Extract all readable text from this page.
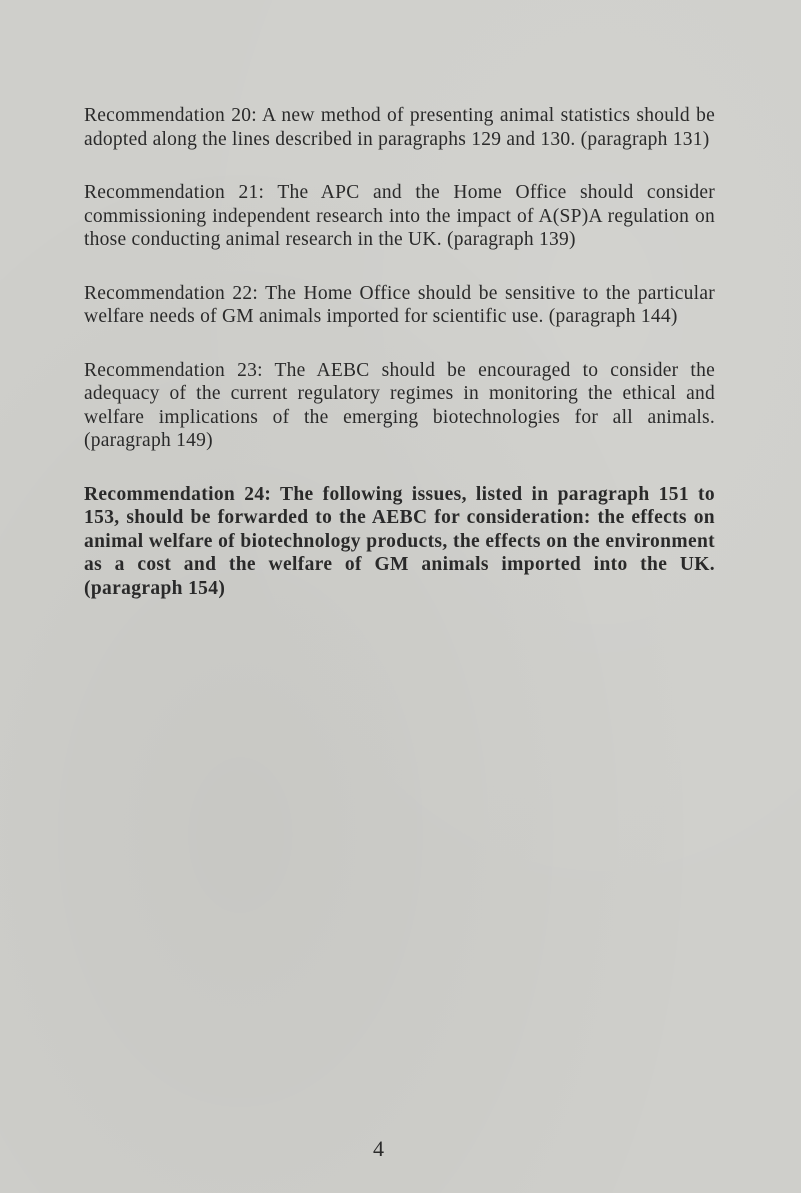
Recommendation 20: A new method of presenting animal statistics should be adopted along the lines described in paragraphs 129 and 130. (paragraph 131)

Recommendation 21: The APC and the Home Office should consider commissioning independent research into the impact of A(SP)A regulation on those conducting animal research in the UK. (paragraph 139)

Recommendation 22: The Home Office should be sensitive to the particular welfare needs of GM animals imported for scientific use. (paragraph 144)

Recommendation 23: The AEBC should be encouraged to consider the adequacy of the current regulatory regimes in monitoring the ethical and welfare implications of the emerging biotechnologies for all animals. (paragraph 149)

Recommendation 24: The following issues, listed in paragraph 151 to 153, should be forwarded to the AEBC for consideration: the effects on animal welfare of biotechnology products, the effects on the environment as a cost and the welfare of GM animals imported into the UK. (paragraph 154)

4
